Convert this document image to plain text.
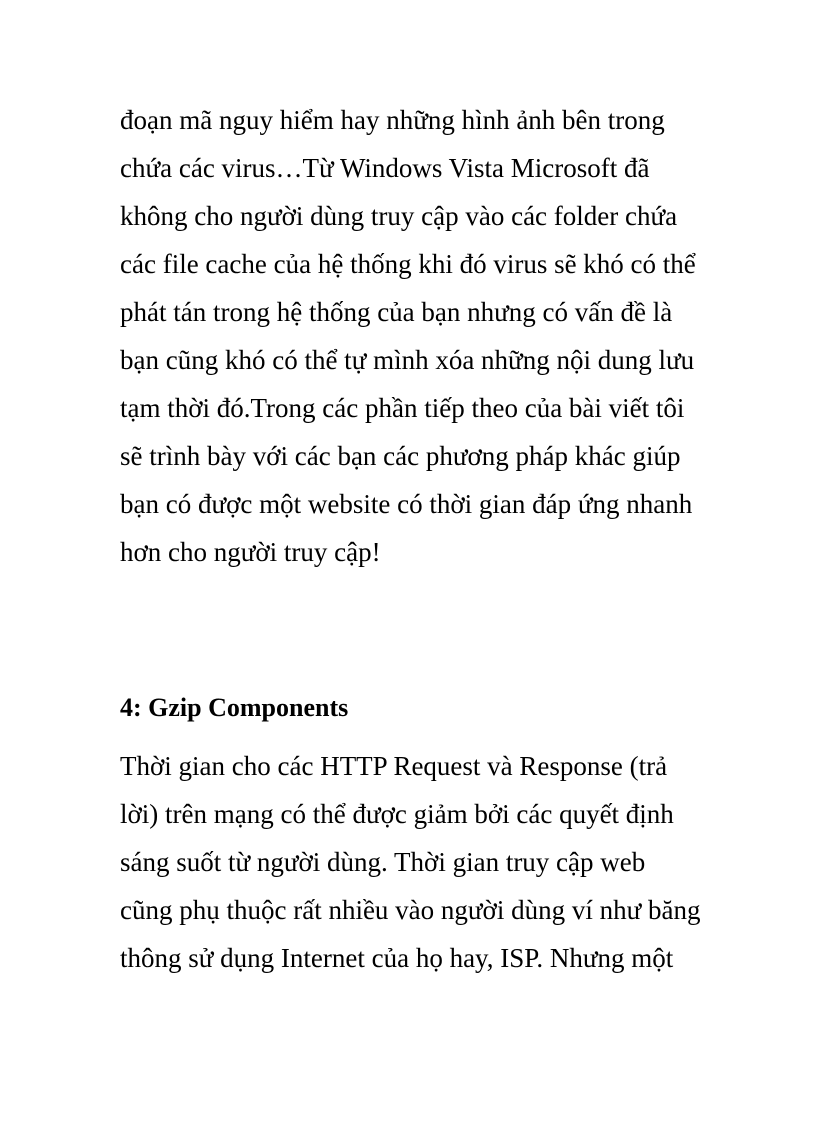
đoạn mã nguy hiểm hay những hình ảnh bên trong
chứa các virus…Từ Windows Vista Microsoft đã
không cho người dùng truy cập vào các folder chứa
các file cache của hệ thống khi đó virus sẽ khó có thể
phát tán trong hệ thống của bạn nhưng có vấn đề là
bạn cũng khó có thể tự mình xóa những nội dung lưu
tạm thời đó.Trong các phần tiếp theo của bài viết tôi
sẽ trình bày với các bạn các phương pháp khác giúp
bạn có được một website có thời gian đáp ứng nhanh
hơn cho người truy cập!
4: Gzip Components
Thời gian cho các HTTP Request và Response (trả
lời) trên mạng có thể được giảm bởi các quyết định
sáng suốt từ người dùng. Thời gian truy cập web
cũng phụ thuộc rất nhiều vào người dùng ví như băng
thông sử dụng Internet của họ hay, ISP. Nhưng một
